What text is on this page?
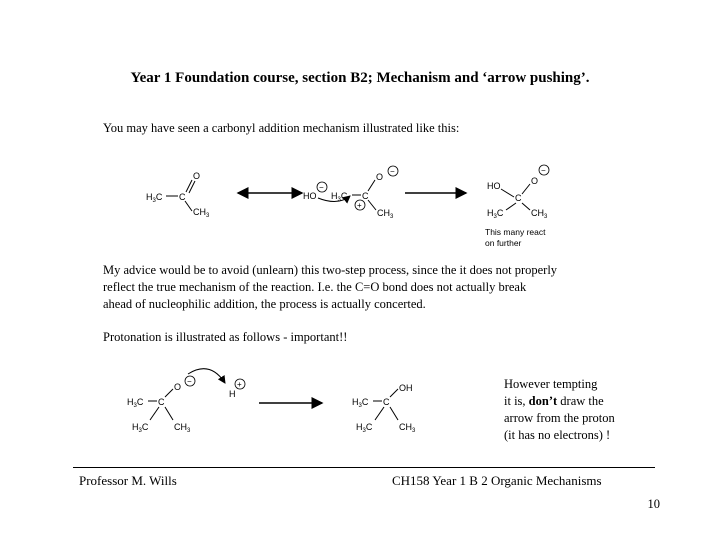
Year 1 Foundation course, section B2; Mechanism and ‘arrow pushing’.
You may have seen a carbonyl addition mechanism illustrated like this:
$H_3C$ C
O
$CH_3$
HO
−
$H_3C$ C
O
−
+
$CH_3$
HO
C
O
−
$H_3C$	$CH_3$
This many react
on further
$H_3C$ C
O
−
H
+
$H_3C$	$CH_3$
$H_3C$ C
OH
$H_3C$	$CH_3$
My advice would be to avoid (unlearn) this two-step process, since the it does not properly
reflect the true mechanism of the reaction. I.e. the C=O bond does not actually break
ahead of nucleophilic addition, the process is actually concerted.
Protonation is illustrated as follows - important!!
However tempting
it is, don’t draw the
arrow from the proton
(it has no electrons) !
Professor M. Wills	CH158 Year 1 B 2 Organic Mechanisms
10
